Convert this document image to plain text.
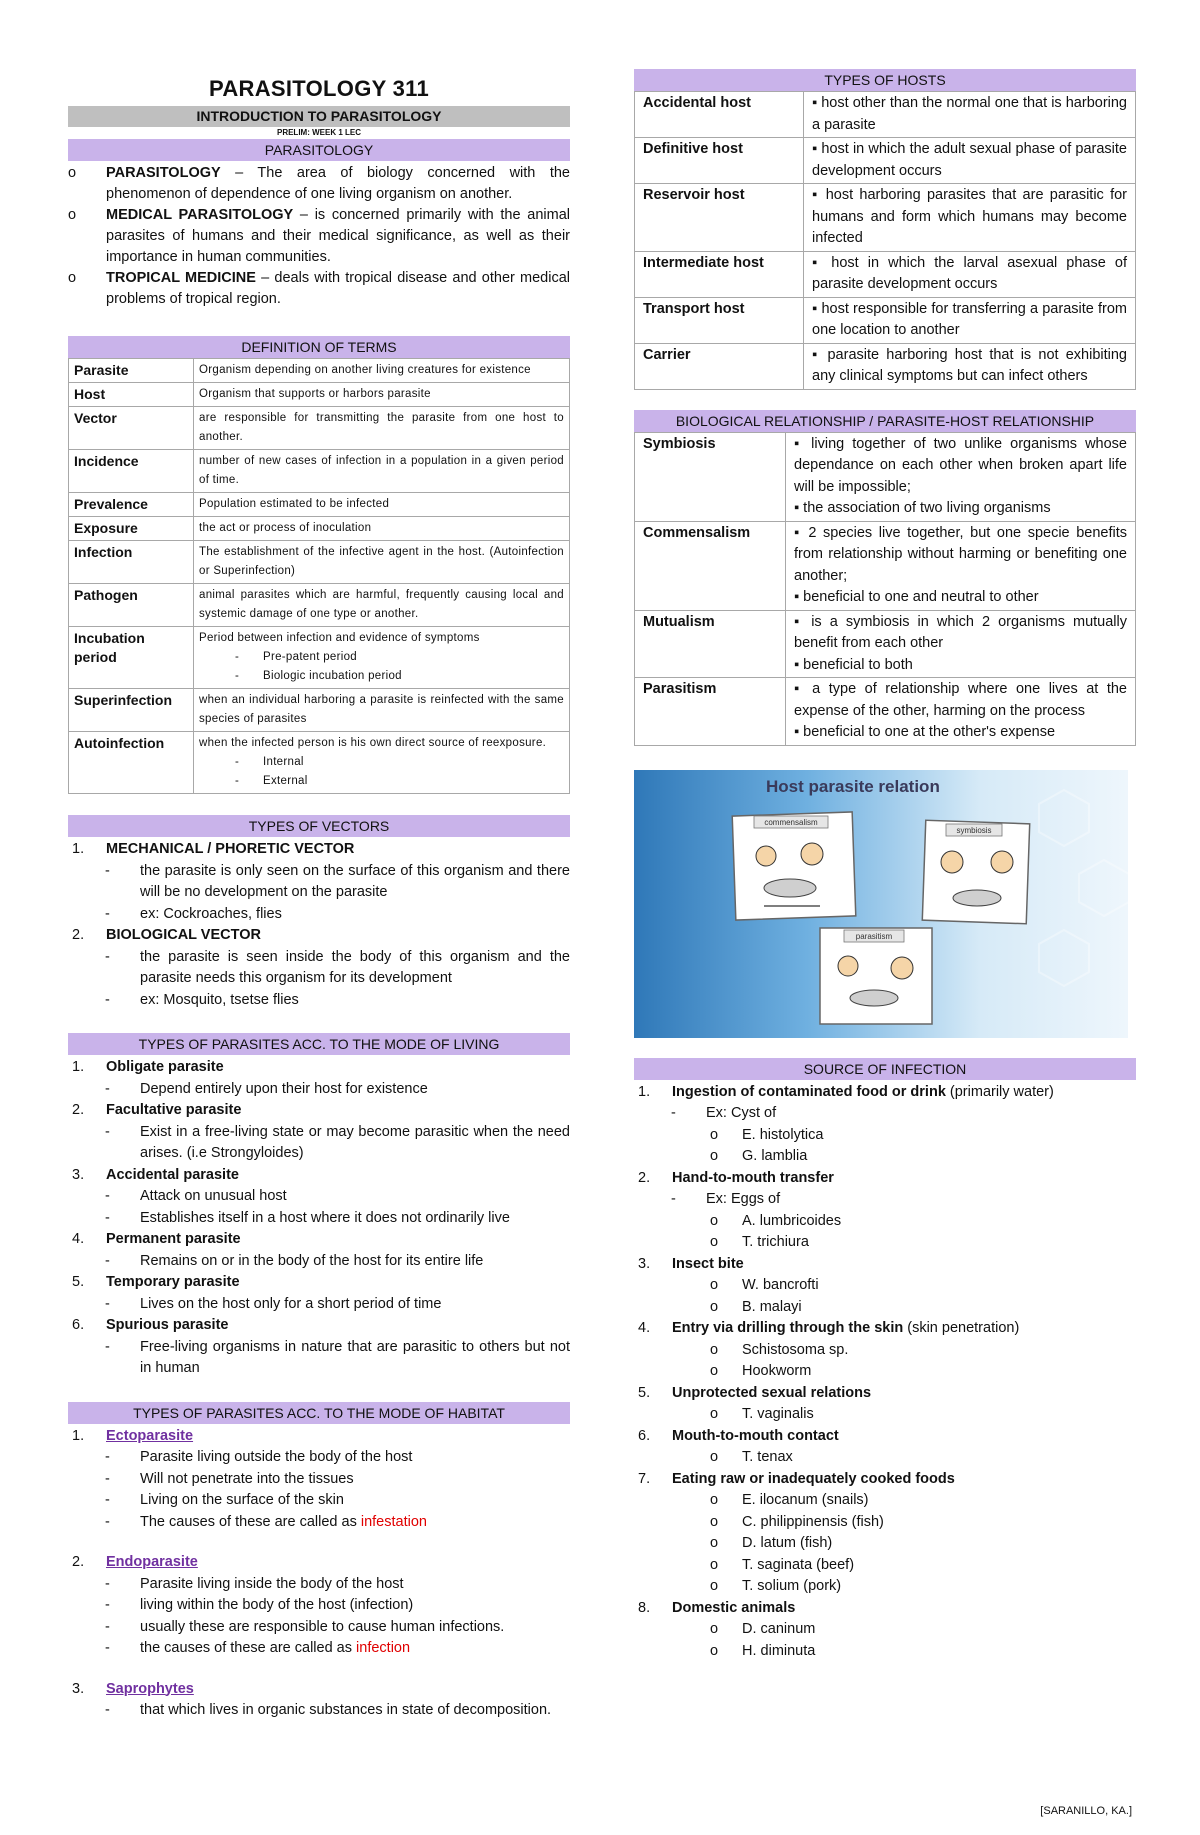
PARASITOLOGY 311
INTRODUCTION TO PARASITOLOGY
PRELIM: WEEK 1 LEC
PARASITOLOGY
o PARASITOLOGY – The area of biology concerned with the phenomenon of dependence of one living organism on another.
o MEDICAL PARASITOLOGY – is concerned primarily with the animal parasites of humans and their medical significance, as well as their importance in human communities.
o TROPICAL MEDICINE – deals with tropical disease and other medical problems of tropical region.
DEFINITION OF TERMS
Parasite	Organism depending on another living creatures for existence
Host	Organism that supports or harbors parasite
Vector	are responsible for transmitting the parasite from one host to another.
Incidence	number of new cases of infection in a population in a given period of time.
Prevalence	Population estimated to be infected
Exposure	the act or process of inoculation
Infection	The establishment of the infective agent in the host. (Autoinfection or Superinfection)
Pathogen	animal parasites which are harmful, frequently causing local and systemic damage of one type or another.
Incubation period	Period between infection and evidence of symptoms
- Pre-patent period
- Biologic incubation period

Superinfection	when an individual harboring a parasite is reinfected with the same species of parasites
Autoinfection	when the infected person is his own direct source of reexposure.
- Internal
- External
TYPES OF VECTORS
1. MECHANICAL / PHORETIC VECTOR
- the parasite is only seen on the surface of this organism and there will be no development on the parasite
- ex: Cockroaches, flies
2. BIOLOGICAL VECTOR
- the parasite is seen inside the body of this organism and the parasite needs this organism for its development
- ex: Mosquito, tsetse flies
TYPES OF PARASITES ACC. TO THE MODE OF LIVING
1. Obligate parasite
- Depend entirely upon their host for existence
2. Facultative parasite
- Exist in a free-living state or may become parasitic when the need arises. (i.e Strongyloides)
3. Accidental parasite
- Attack on unusual host
- Establishes itself in a host where it does not ordinarily live
4. Permanent parasite
- Remains on or in the body of the host for its entire life
5. Temporary parasite
- Lives on the host only for a short period of time
6. Spurious parasite
- Free-living organisms in nature that are parasitic to others but not in human
TYPES OF PARASITES ACC. TO THE MODE OF HABITAT
1. Ectoparasite
- Parasite living outside the body of the host
- Will not penetrate into the tissues
- Living on the surface of the skin
- The causes of these are called as infestation
2. Endoparasite
- Parasite living inside the body of the host
- living within the body of the host (infection)
- usually these are responsible to cause human infections.
- the causes of these are called as infection
3. Saprophytes
- that which lives in organic substances in state of decomposition.
TYPES OF HOSTS
Accidental host	▪ host other than the normal one that is harboring a parasite
Definitive host	▪ host in which the adult sexual phase of parasite development occurs
Reservoir host	▪ host harboring parasites that are parasitic for humans and form which humans may become infected
Intermediate host	▪ host in which the larval asexual phase of parasite development occurs
Transport host	▪ host responsible for transferring a parasite from one location to another
Carrier	▪ parasite harboring host that is not exhibiting any clinical symptoms but can infect others
BIOLOGICAL RELATIONSHIP / PARASITE-HOST RELATIONSHIP
Symbiosis	▪ living together of two unlike organisms whose dependance on each other when broken apart life will be impossible;
▪ the association of two living organisms

Commensalism	▪ 2 species live together, but one specie benefits from relationship without harming or benefiting one another;
▪ beneficial to one and neutral to other

Mutualism	▪ is a symbiosis in which 2 organisms mutually benefit from each other
▪ beneficial to both

Parasitism	▪ a type of relationship where one lives at the expense of the other, harming on the process
▪ beneficial to one at the other's expense
Host parasite relation
commensalism
symbiosis
parasitism
SOURCE OF INFECTION
1. Ingestion of contaminated food or drink (primarily water)
- Ex: Cyst of
o E. histolytica
o G. lamblia
2. Hand-to-mouth transfer
- Ex: Eggs of
o A. lumbricoides
o T. trichiura
3. Insect bite
o W. bancrofti
o B. malayi
4. Entry via drilling through the skin (skin penetration)
o Schistosoma sp.
o Hookworm
5. Unprotected sexual relations
o T. vaginalis
6. Mouth-to-mouth contact
o T. tenax
7. Eating raw or inadequately cooked foods
o E. ilocanum (snails)
o C. philippinensis (fish)
o D. latum (fish)
o T. saginata (beef)
o T. solium (pork)
8. Domestic animals
o D. caninum
o H. diminuta
[SARANILLO, KA.]
